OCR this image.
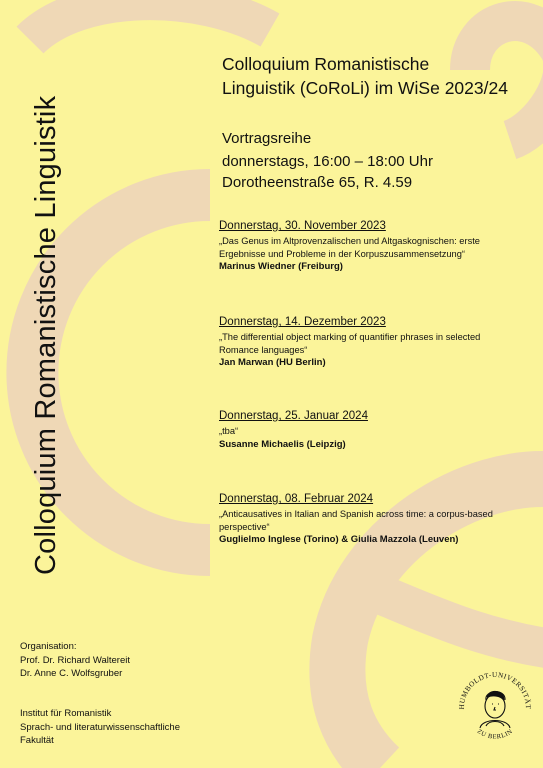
Colloquium Romanistische Linguistik
Colloquium Romanistische
Linguistik (CoRoLi) im WiSe 2023/24
Vortragsreihe
donnerstags, 16:00 – 18:00 Uhr
Dorotheenstraße 65, R. 4.59
Donnerstag, 30. November 2023
„Das Genus im Altprovenzalischen und Altgaskognischen: erste
Ergebnisse und Probleme in der Korpuszusammensetzung“
Marinus Wiedner (Freiburg)
Donnerstag, 14. Dezember 2023
„The differential object marking of quantifier phrases in selected
Romance languages“
Jan Marwan (HU Berlin)
Donnerstag, 25. Januar 2024
„tba“
Susanne Michaelis (Leipzig)
Donnerstag, 08. Februar 2024
„Anticausatives in Italian and Spanish across time: a corpus-based
perspective“
Guglielmo Inglese (Torino) & Giulia Mazzola (Leuven)
Organisation:
Prof. Dr. Richard Waltereit
Dr. Anne C. Wolfsgruber
Institut für Romanistik
Sprach- und literaturwissenschaftliche
Fakultät
HUMBOLDT-UNIVERSITÄT
ZU BERLIN
